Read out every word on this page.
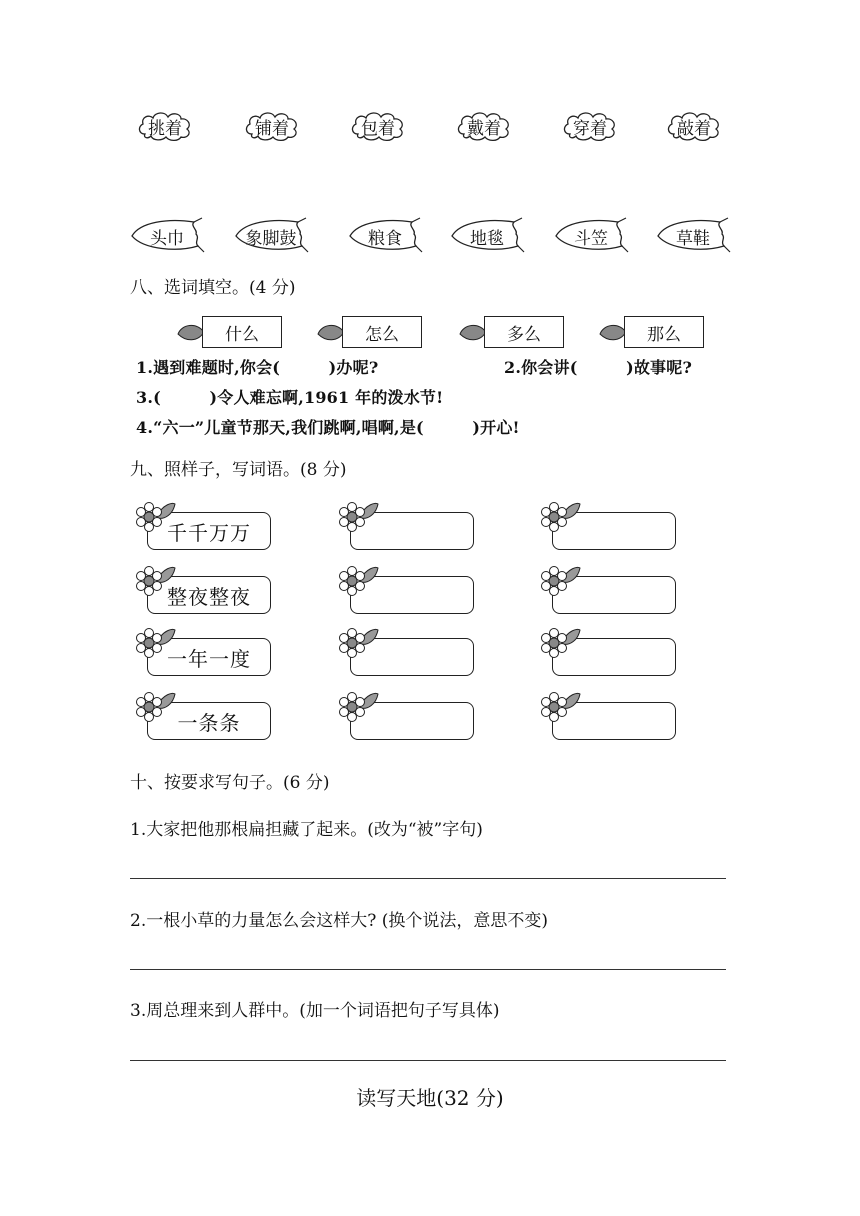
挑着	铺着	包着	戴着	穿着	敲着
头巾	象脚鼓	粮食	地毯	斗笠	草鞋
八、选词填空。(4 分)
什么	怎么	多么	那么
1.遇到难题时,你会(　　　)办呢?	2.你会讲(　　　)故事呢?
3.(　　　)令人难忘啊,1961 年的泼水节!
4.“六一”儿童节那天,我们跳啊,唱啊,是(　　　)开心!
九、照样子，写词语。(8 分)
千千万万
整夜整夜
一年一度
一条条
十、按要求写句子。(6 分)
1.大家把他那根扁担藏了起来。(改为“被”字句)
2.一根小草的力量怎么会这样大? (换个说法，意思不变)
3.周总理来到人群中。(加一个词语把句子写具体)
读写天地(32 分)
